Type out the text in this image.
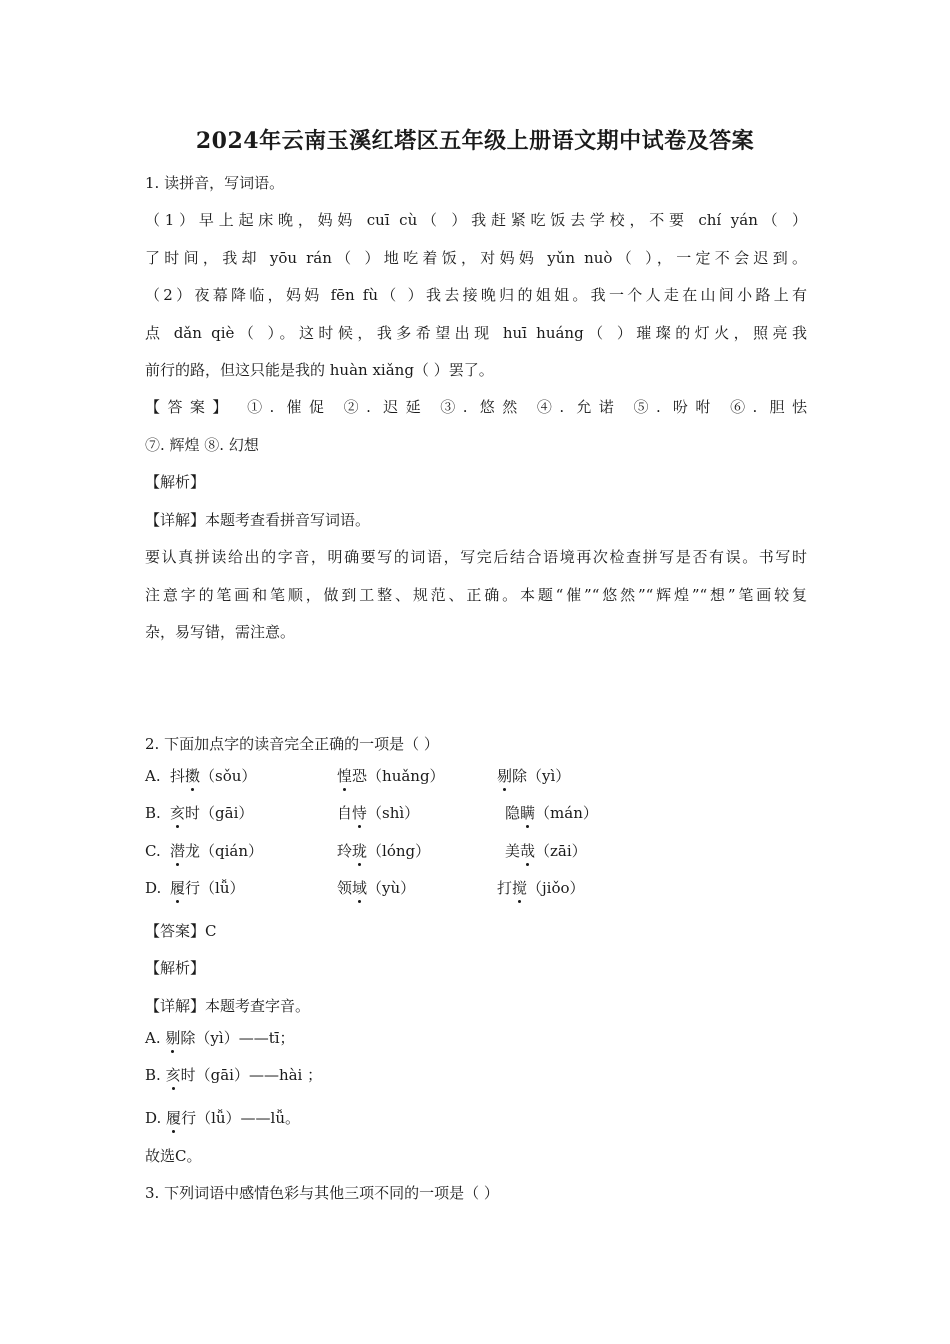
2024年云南玉溪红塔区五年级上册语文期中试卷及答案
1. 读拼音，写词语。
（1）早上起床晚，妈妈 cuī cù（ ）我赶紧吃饭去学校，不要 chí yán（ ）
了时间，我却 yōu rán（ ）地吃着饭，对妈妈 yǔn nuò（ ），一定不会迟到。
（2）夜幕降临，妈妈 fēn fù（ ）我去接晚归的姐姐。我一个人走在山间小路上有
点 dǎn qiè（ ）。这时候，我多希望出现 huī huáng（ ）璀璨的灯火，照亮我
前行的路，但这只能是我的 huàn xiǎng（ ）罢了。
【答案】 ①. 催促 ②. 迟延 ③. 悠然 ④. 允诺 ⑤. 吩咐 ⑥. 胆怯
⑦. 辉煌 ⑧. 幻想
【解析】
【详解】本题考查看拼音写词语。
要认真拼读给出的字音，明确要写的词语，写完后结合语境再次检查拼写是否有误。书写时
注意字的笔画和笔顺，做到工整、规范、正确。本题“催”“悠然”“辉煌”“想”笔画较复
杂，易写错，需注意。
2. 下面加点字的读音完全正确的一项是（ ）
A. 抖擞（sǒu）	惶恐（huǎng）	剔除（yì）
B. 亥时（gāi）	自恃（shì）	隐瞒（mán）
C. 潜龙（qián）	玲珑（lóng）	美哉（zāi）
D. 履行（lǚ）	领域（yù）	打搅（jiǒo）
【答案】C
【解析】
【详解】本题考查字音。
A. 剔除（yì）——tī；
B. 亥时（gāi）——hài ；
D. 履行（lǚ）——lǚ。
故选C。
3. 下列词语中感情色彩与其他三项不同的一项是（ ）
